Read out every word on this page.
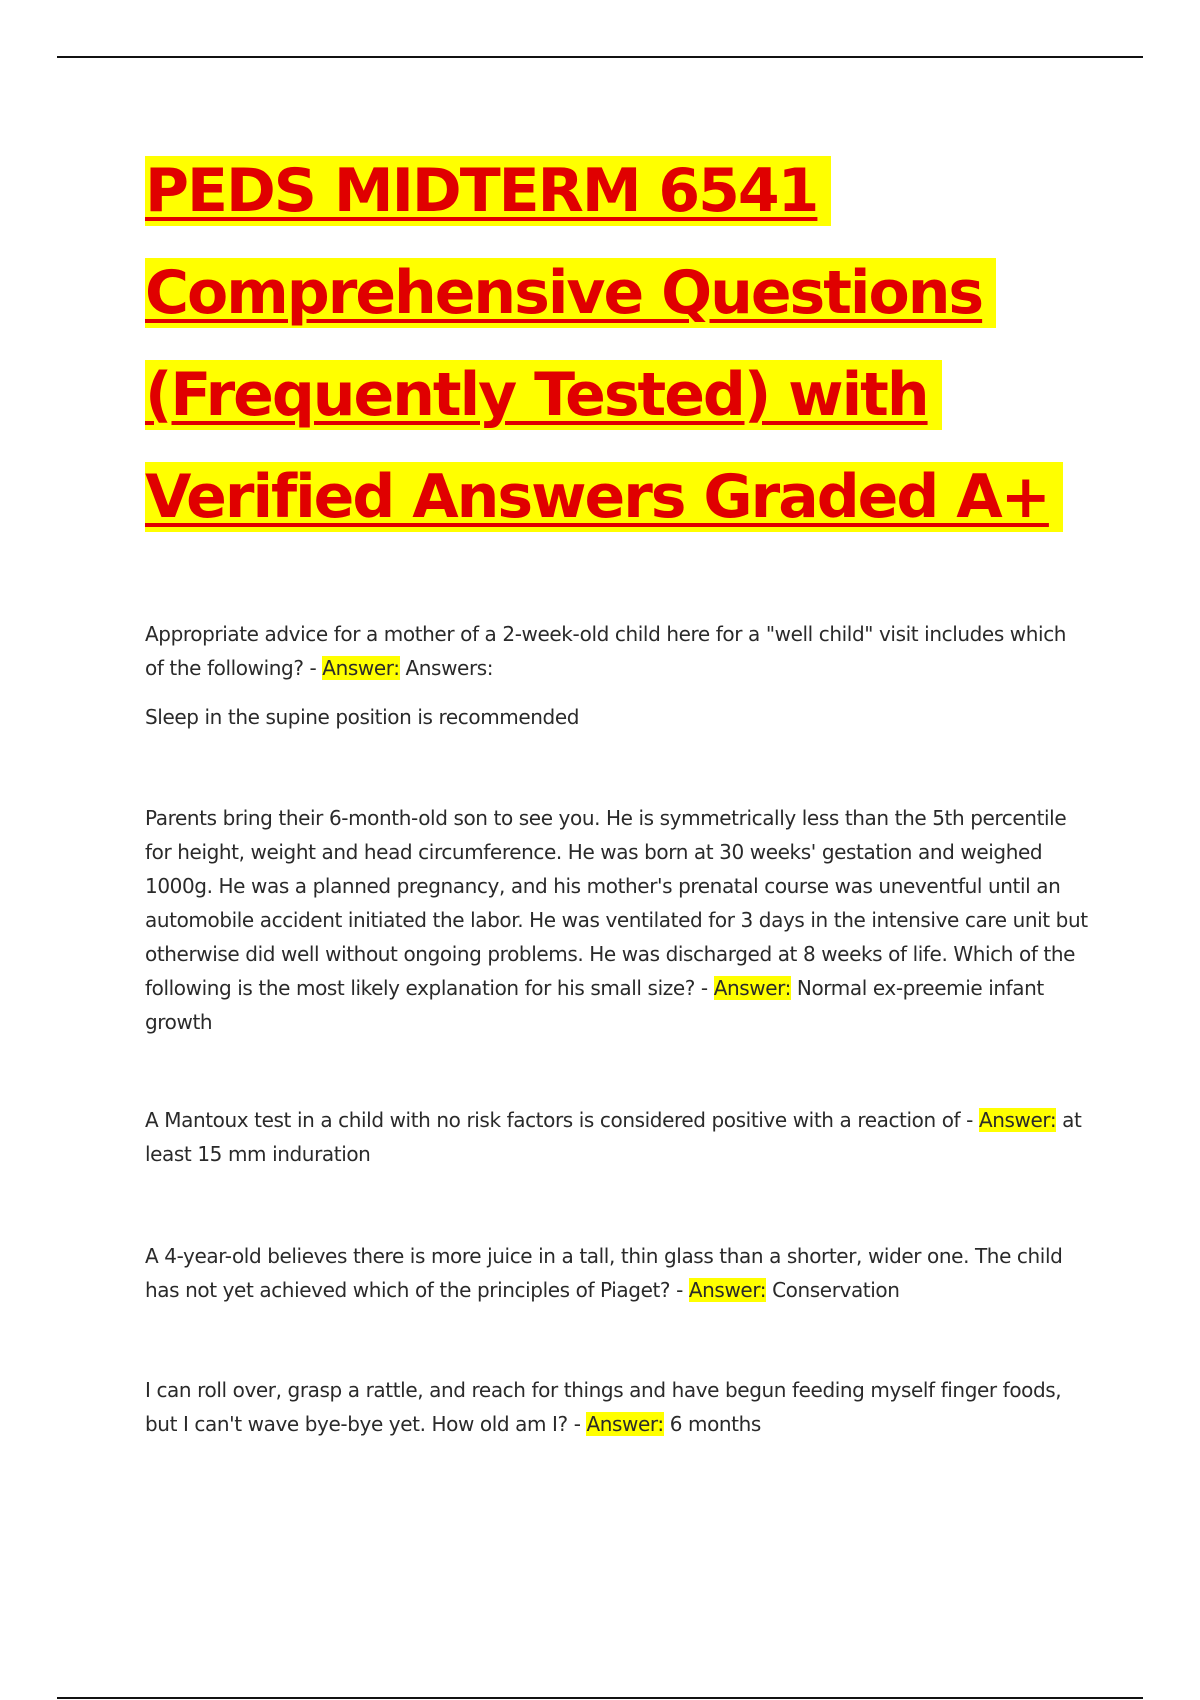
PEDS MIDTERM 6541
Comprehensive Questions
(Frequently Tested) with
Verified Answers Graded A+

Appropriate advice for a mother of a 2-week-old child here for a "well child" visit includes which of the following? - Answer: Answers:

Sleep in the supine position is recommended

Parents bring their 6-month-old son to see you. He is symmetrically less than the 5th percentile for height, weight and head circumference. He was born at 30 weeks' gestation and weighed 1000g. He was a planned pregnancy, and his mother's prenatal course was uneventful until an automobile accident initiated the labor. He was ventilated for 3 days in the intensive care unit but otherwise did well without ongoing problems. He was discharged at 8 weeks of life. Which of the following is the most likely explanation for his small size? - Answer: Normal ex-preemie infant growth

A Mantoux test in a child with no risk factors is considered positive with a reaction of - Answer: at least 15 mm induration

A 4-year-old believes there is more juice in a tall, thin glass than a shorter, wider one. The child has not yet achieved which of the principles of Piaget? - Answer: Conservation

I can roll over, grasp a rattle, and reach for things and have begun feeding myself finger foods, but I can't wave bye-bye yet. How old am I? - Answer: 6 months
